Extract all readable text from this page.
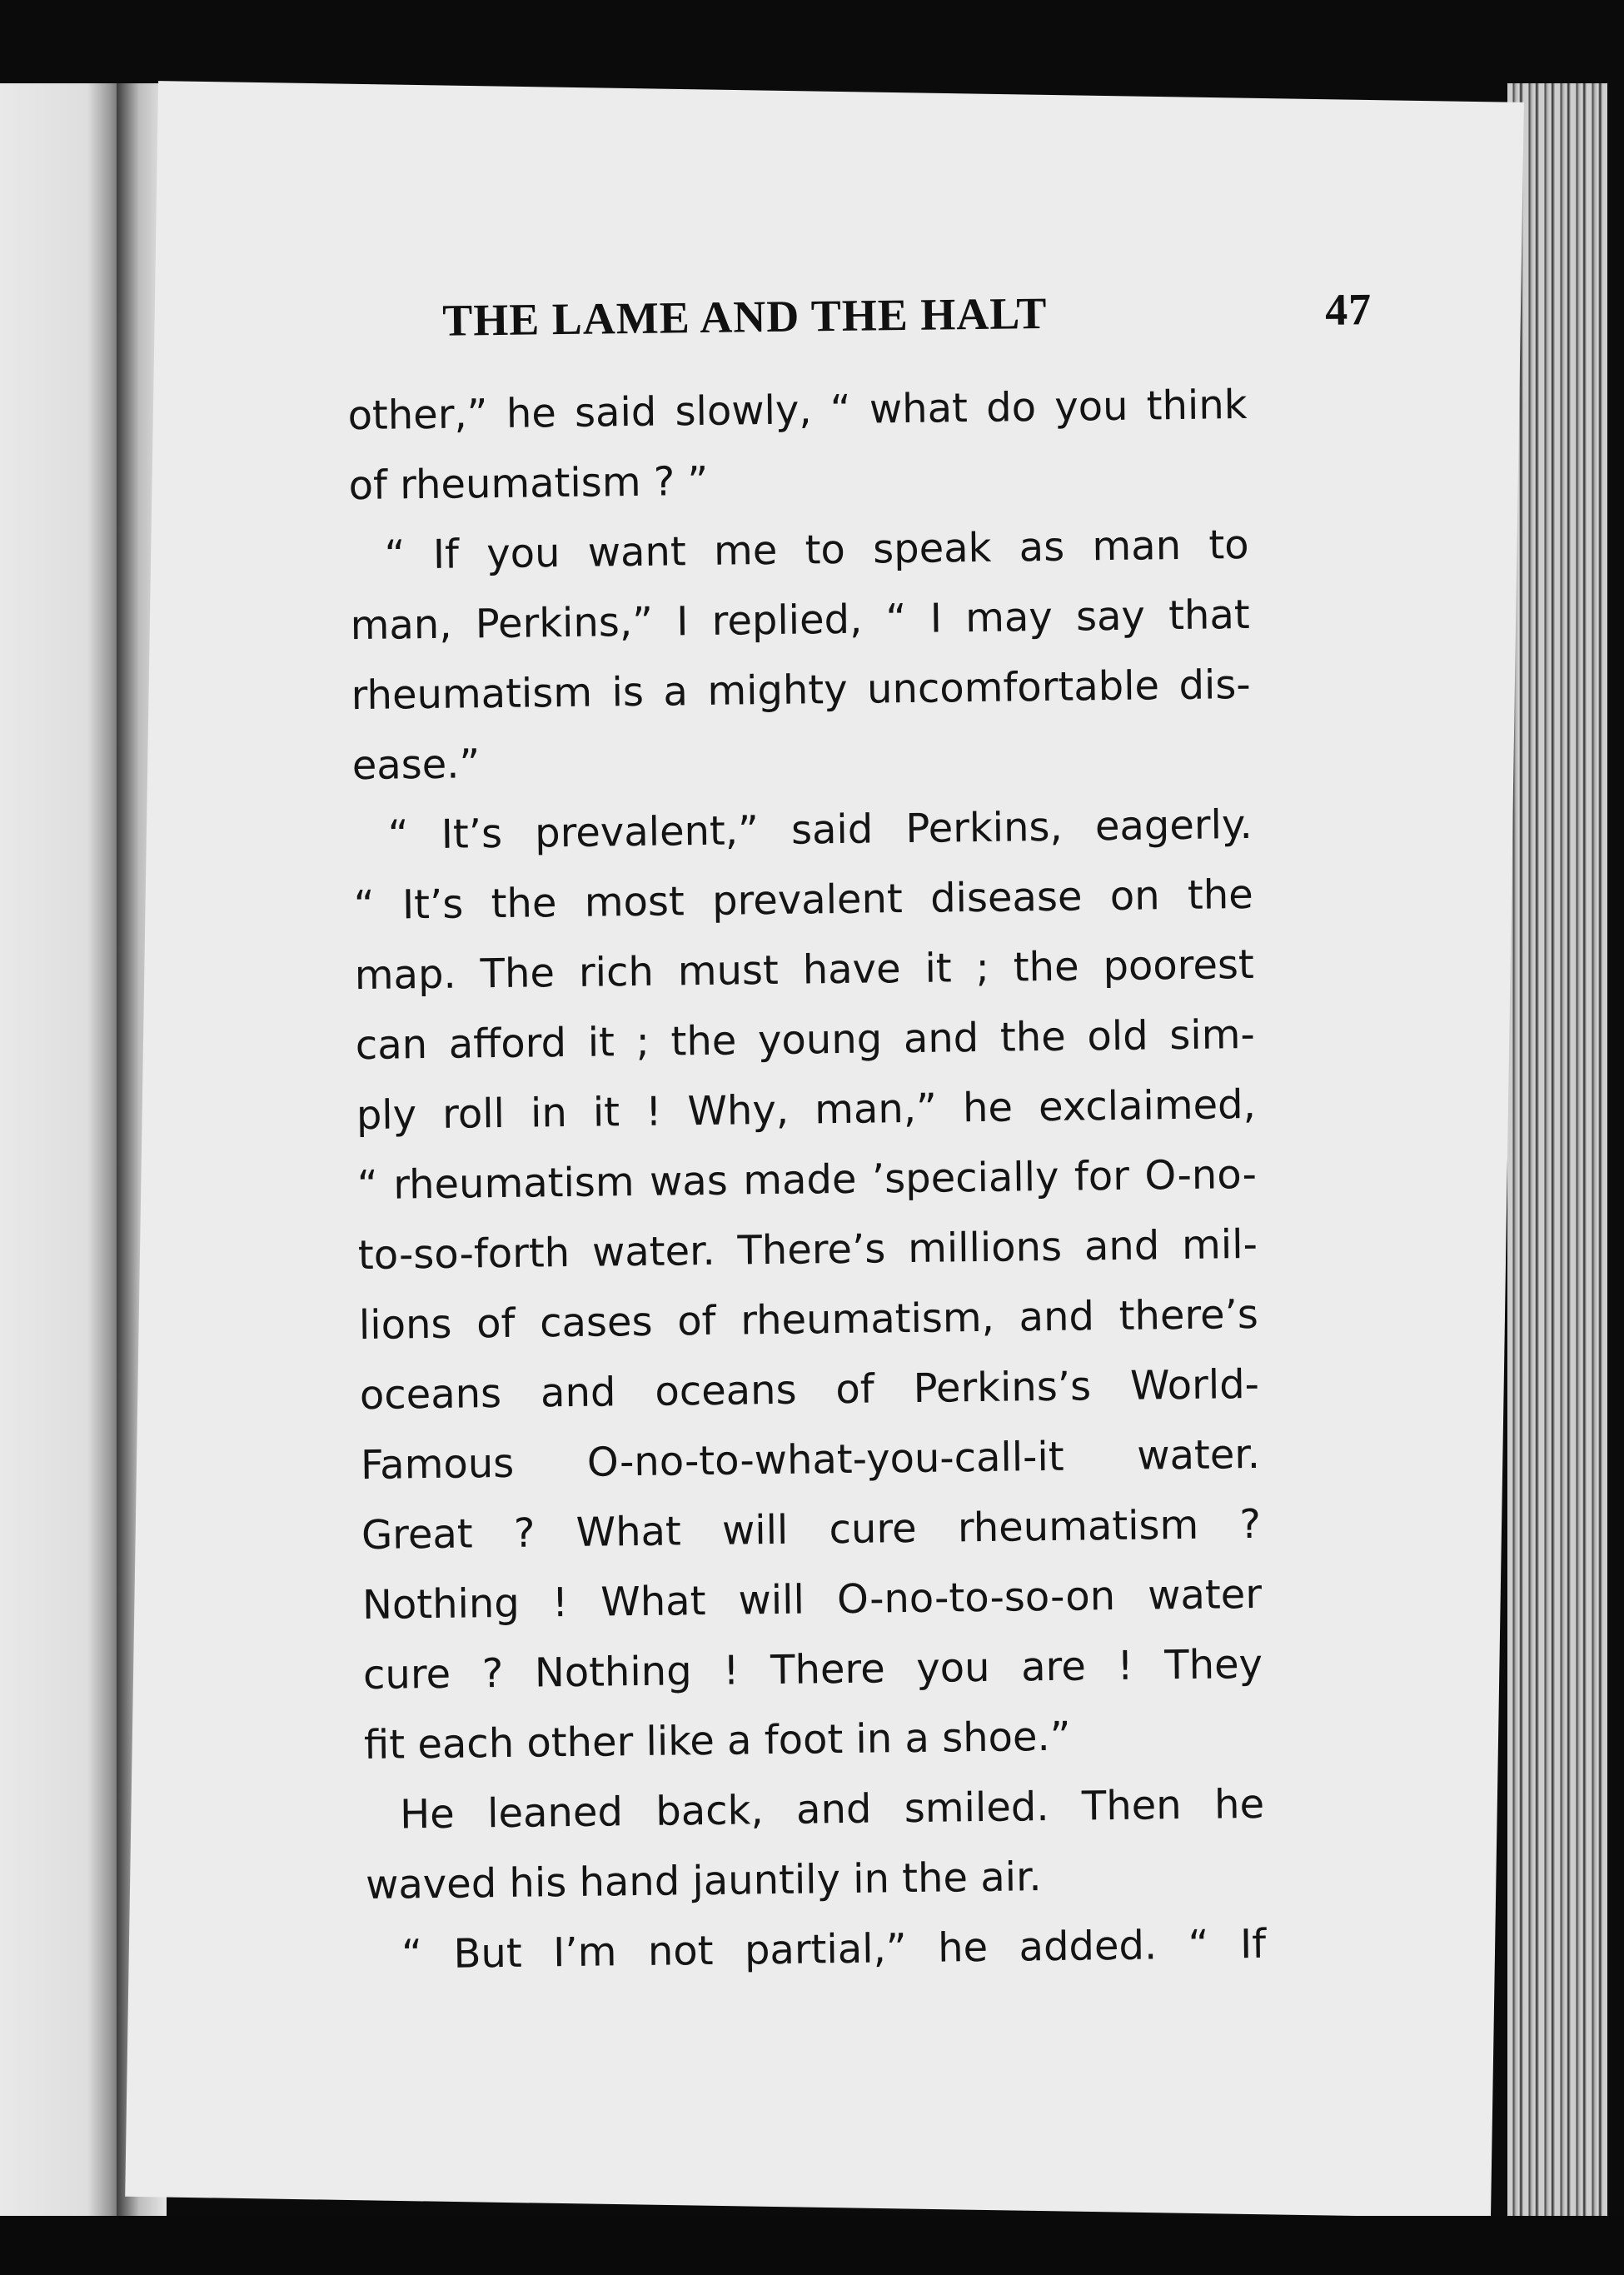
THE LAME AND THE HALT	47
other,” he said slowly, “ what do you think
of rheumatism ? ”
“ If you want me to speak as man to
man, Perkins,” I replied, “ I may say that
rheumatism is a mighty uncomfortable dis-
ease.”
“ It’s prevalent,” said Perkins, eagerly.
“ It’s the most prevalent disease on the
map. The rich must have it ; the poorest
can afford it ; the young and the old sim-
ply roll in it ! Why, man,” he exclaimed,
“ rheumatism was made ’specially for O-no-
to-so-forth water. There’s millions and mil-
lions of cases of rheumatism, and there’s
oceans and oceans of Perkins’s World-
Famous O-no-to-what-you-call-it water.
Great ? What will cure rheumatism ?
Nothing ! What will O-no-to-so-on water
cure ? Nothing ! There you are ! They
fit each other like a foot in a shoe.”
He leaned back, and smiled. Then he
waved his hand jauntily in the air.
“ But I’m not partial,” he added. “ If
